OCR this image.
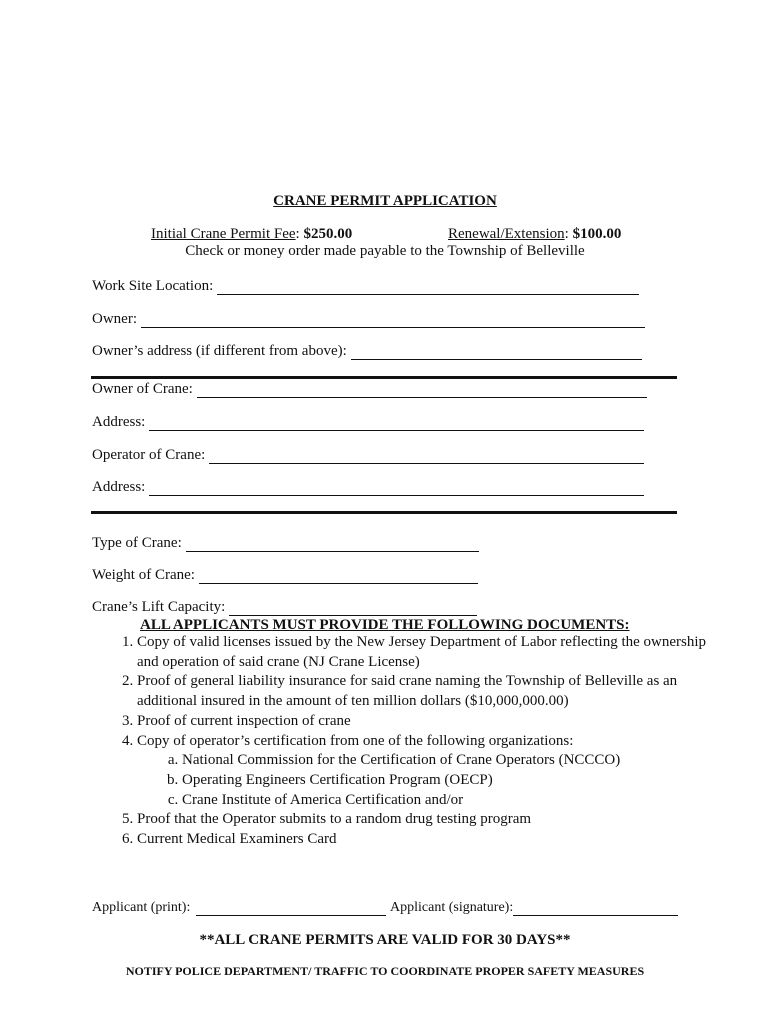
CRANE PERMIT APPLICATION
Initial Crane Permit Fee: $250.00	Renewal/Extension: $100.00
Check or money order made payable to the Township of Belleville
Work Site Location:
Owner:
Owner’s address (if different from above):
Owner of Crane:
Address:
Operator of Crane:
Address:
Type of Crane:
Weight of Crane:
Crane’s Lift Capacity:
ALL APPLICANTS MUST PROVIDE THE FOLLOWING DOCUMENTS:
1. Copy of valid licenses issued by the New Jersey Department of Labor reflecting the ownership and operation of said crane (NJ Crane License)
2. Proof of general liability insurance for said crane naming the Township of Belleville as an additional insured in the amount of ten million dollars ($10,000,000.00)
3. Proof of current inspection of crane
4. Copy of operator’s certification from one of the following organizations:
a. National Commission for the Certification of Crane Operators (NCCCO)
b. Operating Engineers Certification Program (OECP)
c. Crane Institute of America Certification and/or
5. Proof that the Operator submits to a random drug testing program
6. Current Medical Examiners Card
Applicant (print):	Applicant (signature):
**ALL CRANE PERMITS ARE VALID FOR 30 DAYS**
NOTIFY POLICE DEPARTMENT/ TRAFFIC TO COORDINATE PROPER SAFETY MEASURES
